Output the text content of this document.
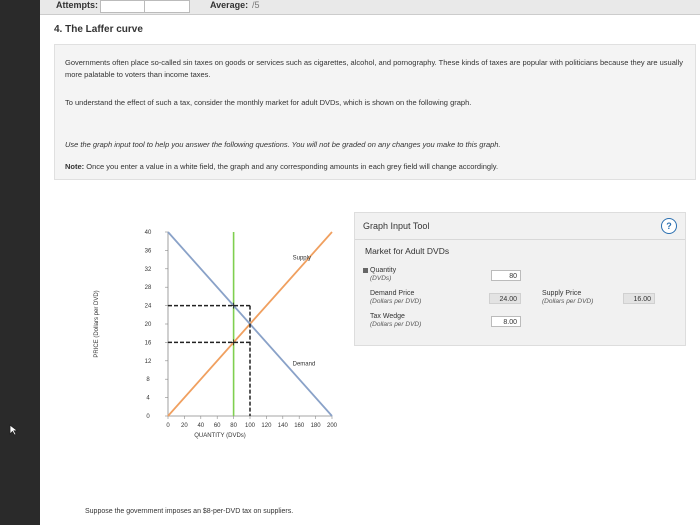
Attempts:	Average: /5
4. The Laffer curve

Governments often place so-called sin taxes on goods or services such as cigarettes, alcohol, and pornography. These kinds of taxes are popular with politicians because they are usually more palatable to voters than income taxes.

To understand the effect of such a tax, consider the monthly market for adult DVDs, which is shown on the following graph.

Use the graph input tool to help you answer the following questions. You will not be graded on any changes you make to this graph.

Note: Once you enter a value in a white field, the graph and any corresponding amounts in each grey field will change accordingly.

0 20 40 60 80 100 120 140 160 180 200
0
4
8
12
16
20
24
28
32
36
40
QUANTITY (DVDs)
PRICE (Dollars per DVD)
Supply
Demand
Graph Input Tool	?
Market for Adult DVDs
Quantity
(DVDs)	80
Demand Price
(Dollars per DVD)	24.00
Supply Price
(Dollars per DVD)	16.00
Tax Wedge
(Dollars per DVD)	8.00
Suppose the government imposes an $8-per-DVD tax on suppliers.
